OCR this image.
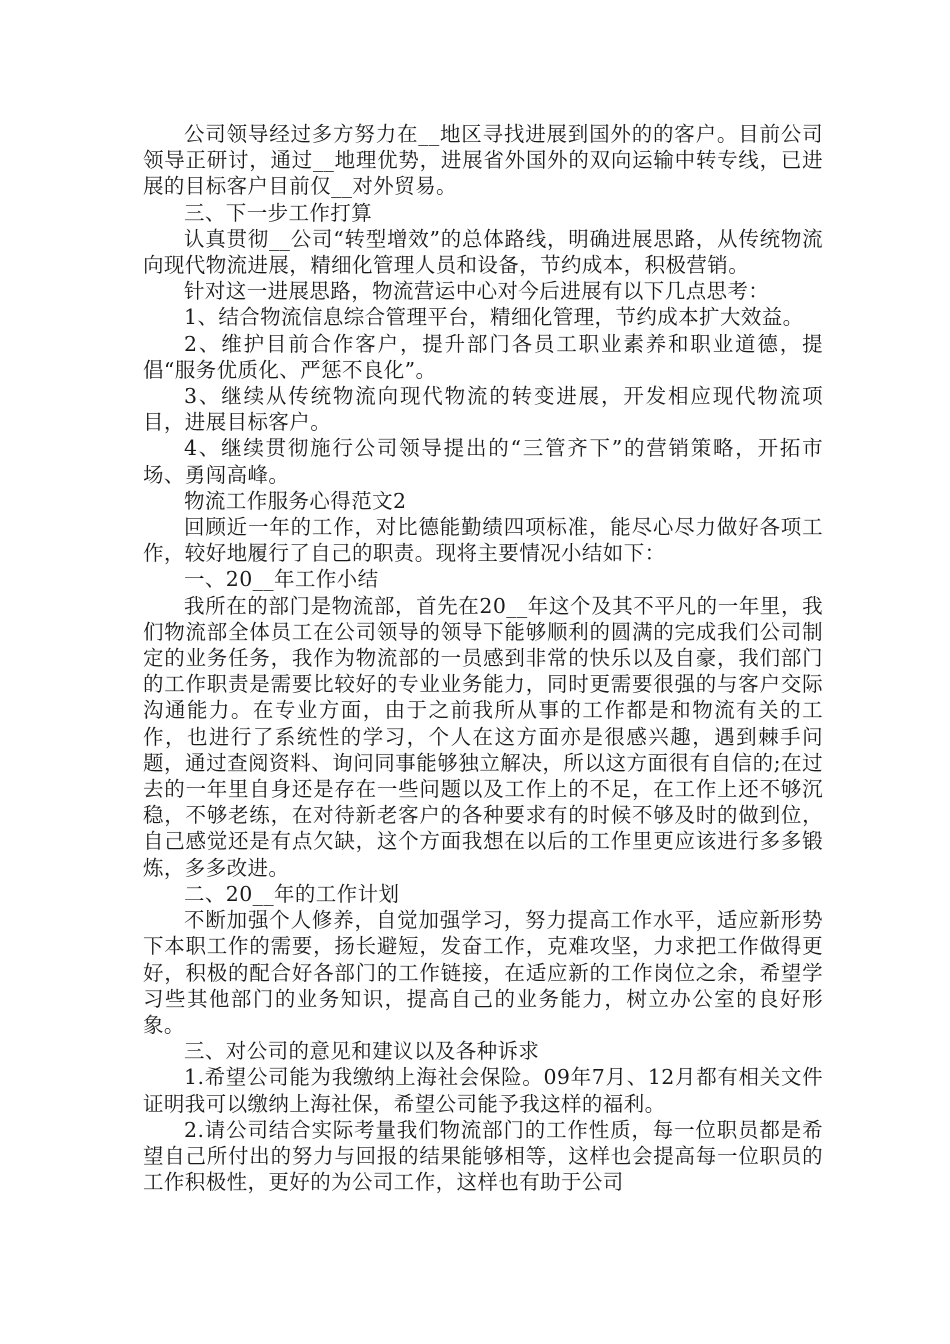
公司领导经过多方努力在__地区寻找进展到国外的的客户。目前公司领导正研讨，通过__地理优势，进展省外国外的双向运输中转专线，已进展的目标客户目前仅__对外贸易。

三、下一步工作打算

认真贯彻__公司“转型增效”的总体路线，明确进展思路，从传统物流向现代物流进展，精细化管理人员和设备，节约成本，积极营销。

针对这一进展思路，物流营运中心对今后进展有以下几点思考：

1、结合物流信息综合管理平台，精细化管理，节约成本扩大效益。

2、维护目前合作客户，提升部门各员工职业素养和职业道德，提倡“服务优质化、严惩不良化”。

3、继续从传统物流向现代物流的转变进展，开发相应现代物流项目，进展目标客户。

4、继续贯彻施行公司领导提出的“三管齐下”的营销策略，开拓市场、勇闯高峰。

物流工作服务心得范文2

回顾近一年的工作，对比德能勤绩四项标准，能尽心尽力做好各项工作，较好地履行了自己的职责。现将主要情况小结如下：

一、20__年工作小结

我所在的部门是物流部，首先在20__年这个及其不平凡的一年里，我们物流部全体员工在公司领导的领导下能够顺利的圆满的完成我们公司制定的业务任务，我作为物流部的一员感到非常的快乐以及自豪，我们部门的工作职责是需要比较好的专业业务能力，同时更需要很强的与客户交际沟通能力。在专业方面，由于之前我所从事的工作都是和物流有关的工作，也进行了系统性的学习，个人在这方面亦是很感兴趣，遇到棘手问题，通过查阅资料、询问同事能够独立解决，所以这方面很有自信的;在过去的一年里自身还是存在一些问题以及工作上的不足，在工作上还不够沉稳，不够老练，在对待新老客户的各种要求有的时候不够及时的做到位，自己感觉还是有点欠缺，这个方面我想在以后的工作里更应该进行多多锻炼，多多改进。

二、20__年的工作计划

不断加强个人修养，自觉加强学习，努力提高工作水平，适应新形势下本职工作的需要，扬长避短，发奋工作，克难攻坚，力求把工作做得更好，积极的配合好各部门的工作链接，在适应新的工作岗位之余，希望学习些其他部门的业务知识，提高自己的业务能力，树立办公室的良好形象。

三、对公司的意见和建议以及各种诉求

1.希望公司能为我缴纳上海社会保险。09年7月、12月都有相关文件证明我可以缴纳上海社保，希望公司能予我这样的福利。

2.请公司结合实际考量我们物流部门的工作性质，每一位职员都是希望自己所付出的努力与回报的结果能够相等，这样也会提高每一位职员的工作积极性，更好的为公司工作，这样也有助于公司
